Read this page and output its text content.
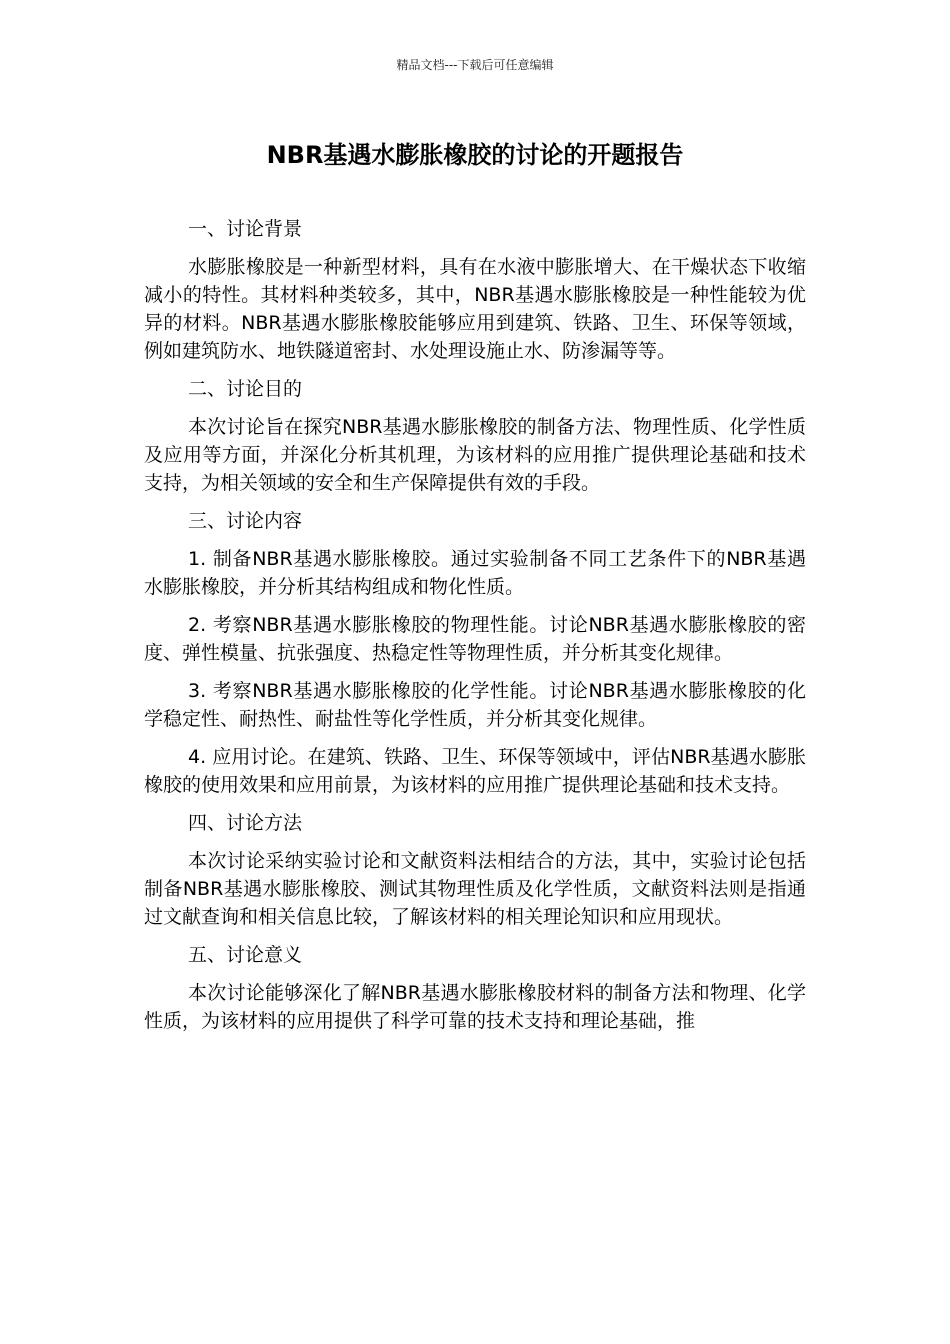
精品文档---下载后可任意编辑
NBR基遇水膨胀橡胶的讨论的开题报告
一、讨论背景

水膨胀橡胶是一种新型材料，具有在水液中膨胀增大、在干燥状态下收缩减小的特性。其材料种类较多，其中，NBR基遇水膨胀橡胶是一种性能较为优异的材料。NBR基遇水膨胀橡胶能够应用到建筑、铁路、卫生、环保等领域，例如建筑防水、地铁隧道密封、水处理设施止水、防渗漏等等。

二、讨论目的

本次讨论旨在探究NBR基遇水膨胀橡胶的制备方法、物理性质、化学性质及应用等方面，并深化分析其机理，为该材料的应用推广提供理论基础和技术支持，为相关领域的安全和生产保障提供有效的手段。

三、讨论内容

1. 制备NBR基遇水膨胀橡胶。通过实验制备不同工艺条件下的NBR基遇水膨胀橡胶，并分析其结构组成和物化性质。

2. 考察NBR基遇水膨胀橡胶的物理性能。讨论NBR基遇水膨胀橡胶的密度、弹性模量、抗张强度、热稳定性等物理性质，并分析其变化规律。

3. 考察NBR基遇水膨胀橡胶的化学性能。讨论NBR基遇水膨胀橡胶的化学稳定性、耐热性、耐盐性等化学性质，并分析其变化规律。

4. 应用讨论。在建筑、铁路、卫生、环保等领域中，评估NBR基遇水膨胀橡胶的使用效果和应用前景，为该材料的应用推广提供理论基础和技术支持。

四、讨论方法

本次讨论采纳实验讨论和文献资料法相结合的方法，其中，实验讨论包括制备NBR基遇水膨胀橡胶、测试其物理性质及化学性质，文献资料法则是指通过文献查询和相关信息比较，了解该材料的相关理论知识和应用现状。

五、讨论意义

本次讨论能够深化了解NBR基遇水膨胀橡胶材料的制备方法和物理、化学性质，为该材料的应用提供了科学可靠的技术支持和理论基础，推
